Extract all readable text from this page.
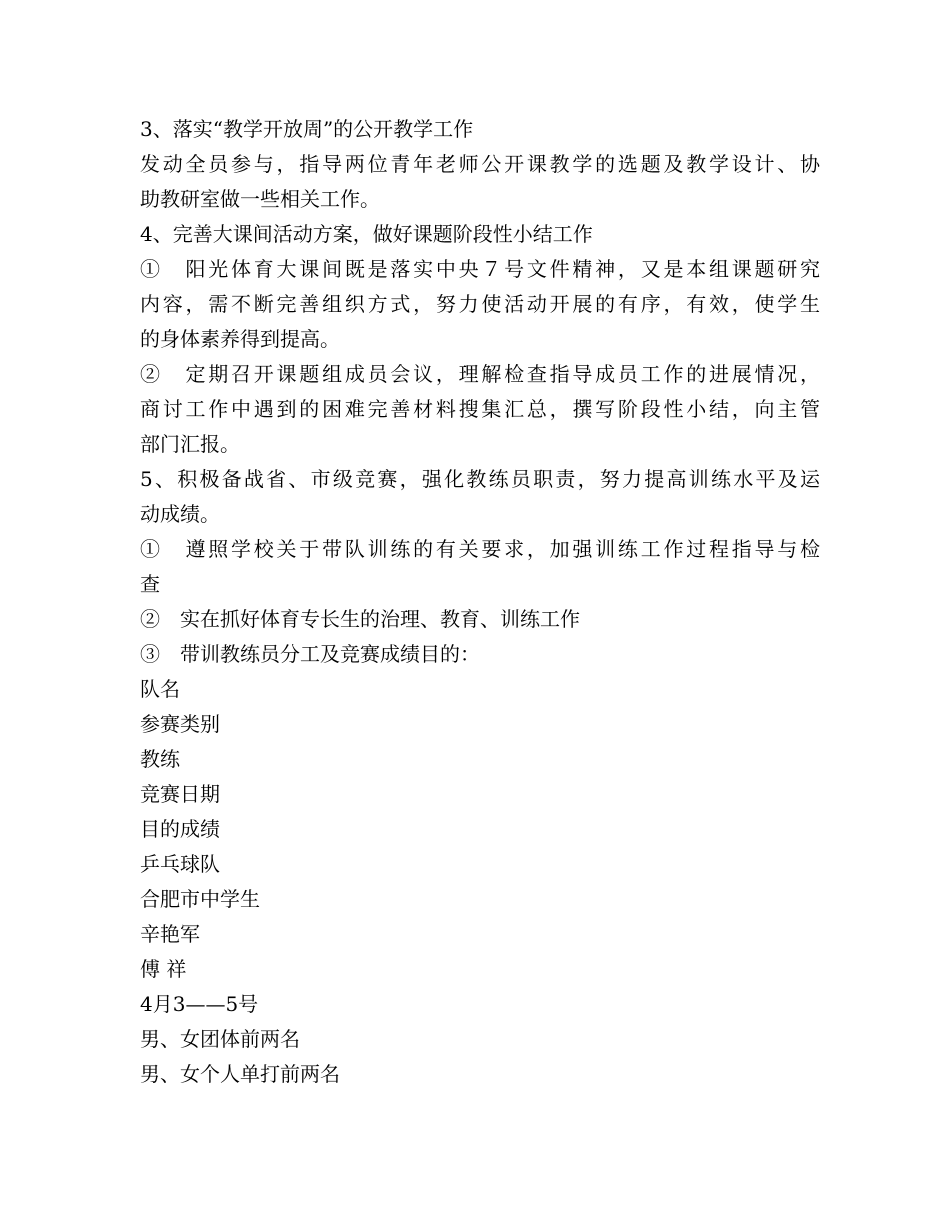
3、落实“教学开放周”的公开教学工作

发动全员参与，指导两位青年老师公开课教学的选题及教学设计、协

助教研室做一些相关工作。

4、完善大课间活动方案，做好课题阶段性小结工作

①　阳光体育大课间既是落实中央７号文件精神，又是本组课题研究

内容，需不断完善组织方式，努力使活动开展的有序，有效，使学生

的身体素养得到提高。

②　定期召开课题组成员会议，理解检查指导成员工作的进展情况，

商讨工作中遇到的困难完善材料搜集汇总，撰写阶段性小结，向主管

部门汇报。

5、积极备战省、市级竞赛，强化教练员职责，努力提高训练水平及运

动成绩。

①　遵照学校关于带队训练的有关要求，加强训练工作过程指导与检

查

②　实在抓好体育专长生的治理、教育、训练工作

③　带训教练员分工及竞赛成绩目的：

队名

参赛类别

教练

竞赛日期

目的成绩

乒乓球队

合肥市中学生

辛艳军

傅 祥

4月3——5号

男、女团体前两名

男、女个人单打前两名
